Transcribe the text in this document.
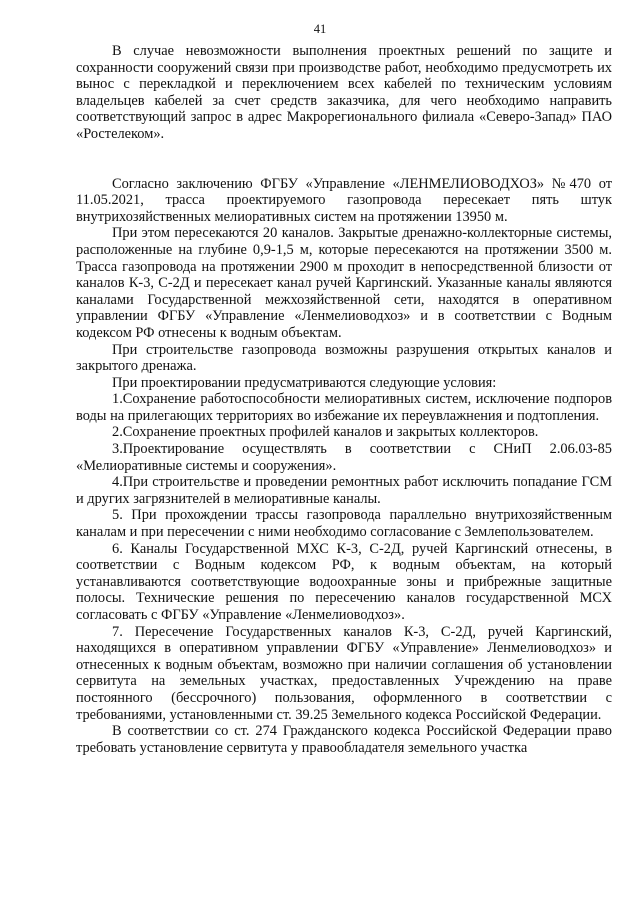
41

В случае невозможности выполнения проектных решений по защите и сохранности сооружений связи при производстве работ, необходимо предусмотреть их вынос с перекладкой и переключением всех кабелей по техническим условиям владельцев кабелей за счет средств заказчика, для чего необходимо направить соответствующий запрос в адрес Макрорегионального филиала «Северо-Запад» ПАО «Ростелеком».

Согласно заключению ФГБУ «Управление «ЛЕНМЕЛИОВОДХОЗ» №470 от 11.05.2021, трасса проектируемого газопровода пересекает пять штук внутрихозяйственных мелиоративных систем на протяжении 13950 м.

При этом пересекаются 20 каналов. Закрытые дренажно-коллекторные системы, расположенные на глубине 0,9-1,5 м, которые пересекаются на протяжении 3500 м. Трасса газопровода на протяжении 2900 м проходит в непосредственной близости от каналов К-3, С-2Д и пересекает канал ручей Каргинский. Указанные каналы являются каналами Государственной межхозяйственной сети, находятся в оперативном управлении ФГБУ «Управление «Ленмелиоводхоз» и в соответствии с Водным кодексом РФ отнесены к водным объектам.

При строительстве газопровода возможны разрушения открытых каналов и закрытого дренажа.

При проектировании предусматриваются следующие условия:

1.Сохранение работоспособности мелиоративных систем, исключение подпоров воды на прилегающих территориях во избежание их переувлажнения и подтопления.

2.Сохранение проектных профилей каналов и закрытых коллекторов.

3.Проектирование осуществлять в соответствии с СНиП 2.06.03-85 «Мелиоративные системы и сооружения».

4.При строительстве и проведении ремонтных работ исключить попадание ГСМ и других загрязнителей в мелиоративные каналы.

5. При прохождении трассы газопровода параллельно внутрихозяйственным каналам и при пересечении с ними необходимо согласование с Землепользователем.

6. Каналы Государственной МХС К-3, С-2Д, ручей Каргинский отнесены, в соответствии с Водным кодексом РФ, к водным объектам, на который устанавливаются соответствующие водоохранные зоны и прибрежные защитные полосы. Технические решения по пересечению каналов государственной МСХ согласовать с ФГБУ «Управление «Ленмелиоводхоз».

7. Пересечение Государственных каналов К-3, С-2Д, ручей Каргинский, находящихся в оперативном управлении ФГБУ «Управление» Ленмелиоводхоз» и отнесенных к водным объектам, возможно при наличии соглашения об установлении сервитута на земельных участках, предоставленных Учреждению на праве постоянного (бессрочного) пользования, оформленного в соответствии с требованиями, установленными ст. 39.25 Земельного кодекса Российской Федерации.

В соответствии со ст. 274 Гражданского кодекса Российской Федерации право требовать установление сервитута у правообладателя земельного участка
